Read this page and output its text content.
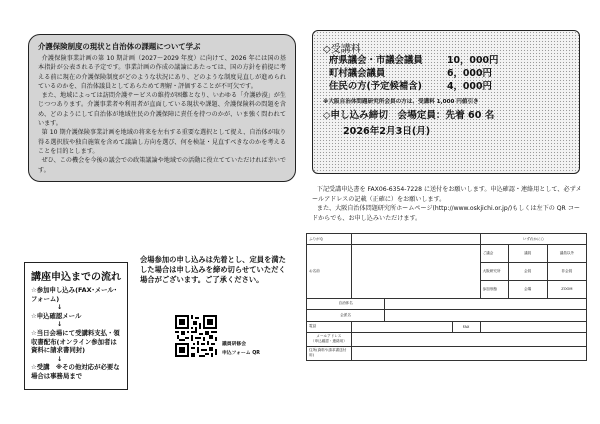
介護保険制度の現状と自治体の課題について学ぶ

介護保険事業計画の第 10 期計画（2027〜2029 年度）に向けて、2026 年には国の基本指針が公表される予定です。事業計画の作成の議論にあたっては、国の方針を前提に考える前に現在の介護保険制度がどのような状況にあり、どのような制度見直しが進められているのかを、自治体議員としてあらためて理解・評価することが不可欠です。

また、地域によっては訪問介護サービスの維持が困難となり、いわゆる「介護砂漠」が生じつつあります。介護事業者や利用者が直面している現状や課題、介護保険料の問題を含め、どのようにして自治体が地域住民の介護保障に責任を持つのかが、いま強く問われています。

第 10 期介護保険事業計画を地域の将来を左右する重要な選択として捉え、自治体が取り得る選択肢や独自施策を含めて議論し方向を選び、何を検証・見直すべきなのかを考えることを目的とします。

ぜひ、この機会を今後の議会での政策議論や地域での活動に役立てていただければ幸いです。

◇受講料
府県議会・市議会議員	10，000円
町村議会議員	6，000円
住民の方(予定候補含)	4，000円
※大阪自治体問題研究所会員の方は、受講料 1,000 円値引き
◇申し込み締切　会場定員：先着 60 名
2026年2月3日(月)
講座申込までの流れ
☆参加申し込み(FAX･メール･フォーム)
↓
☆申込確認メール
↓
☆当日会場にて受講料支払・領収書配布(オンライン参加者は資料に請求書同封)
↓
☆受講　※その他対応が必要な場合は事務局まで
会場参加の申し込みは先着とし、定員を満たした場合は申し込みを締め切らせていただく場合がございます。ご了承ください。
議員研修会
申込フォーム QR

下記受講申込書を FAX06-6354-7228 に送付をお願いします。申込確認・連絡用として、必ずメールアドレスの記載（正確に）をお願いします。

また、大阪自治体問題研究所ホームページ(http://www.oskjichi.or.jp/)もしくは左下の QR コードからでも、お申し込みいただけます。

ふりがな				いずれかに○		
お名前				ご議会	議員	議員以外
				大阪研究所	会員	非会員
				参加形態	会場	ZOOM
自治体名						
会派名						
電話			FAX			

メールアドレス
（申込確認・連絡用）						

住所(資料や請求書送付用)						
